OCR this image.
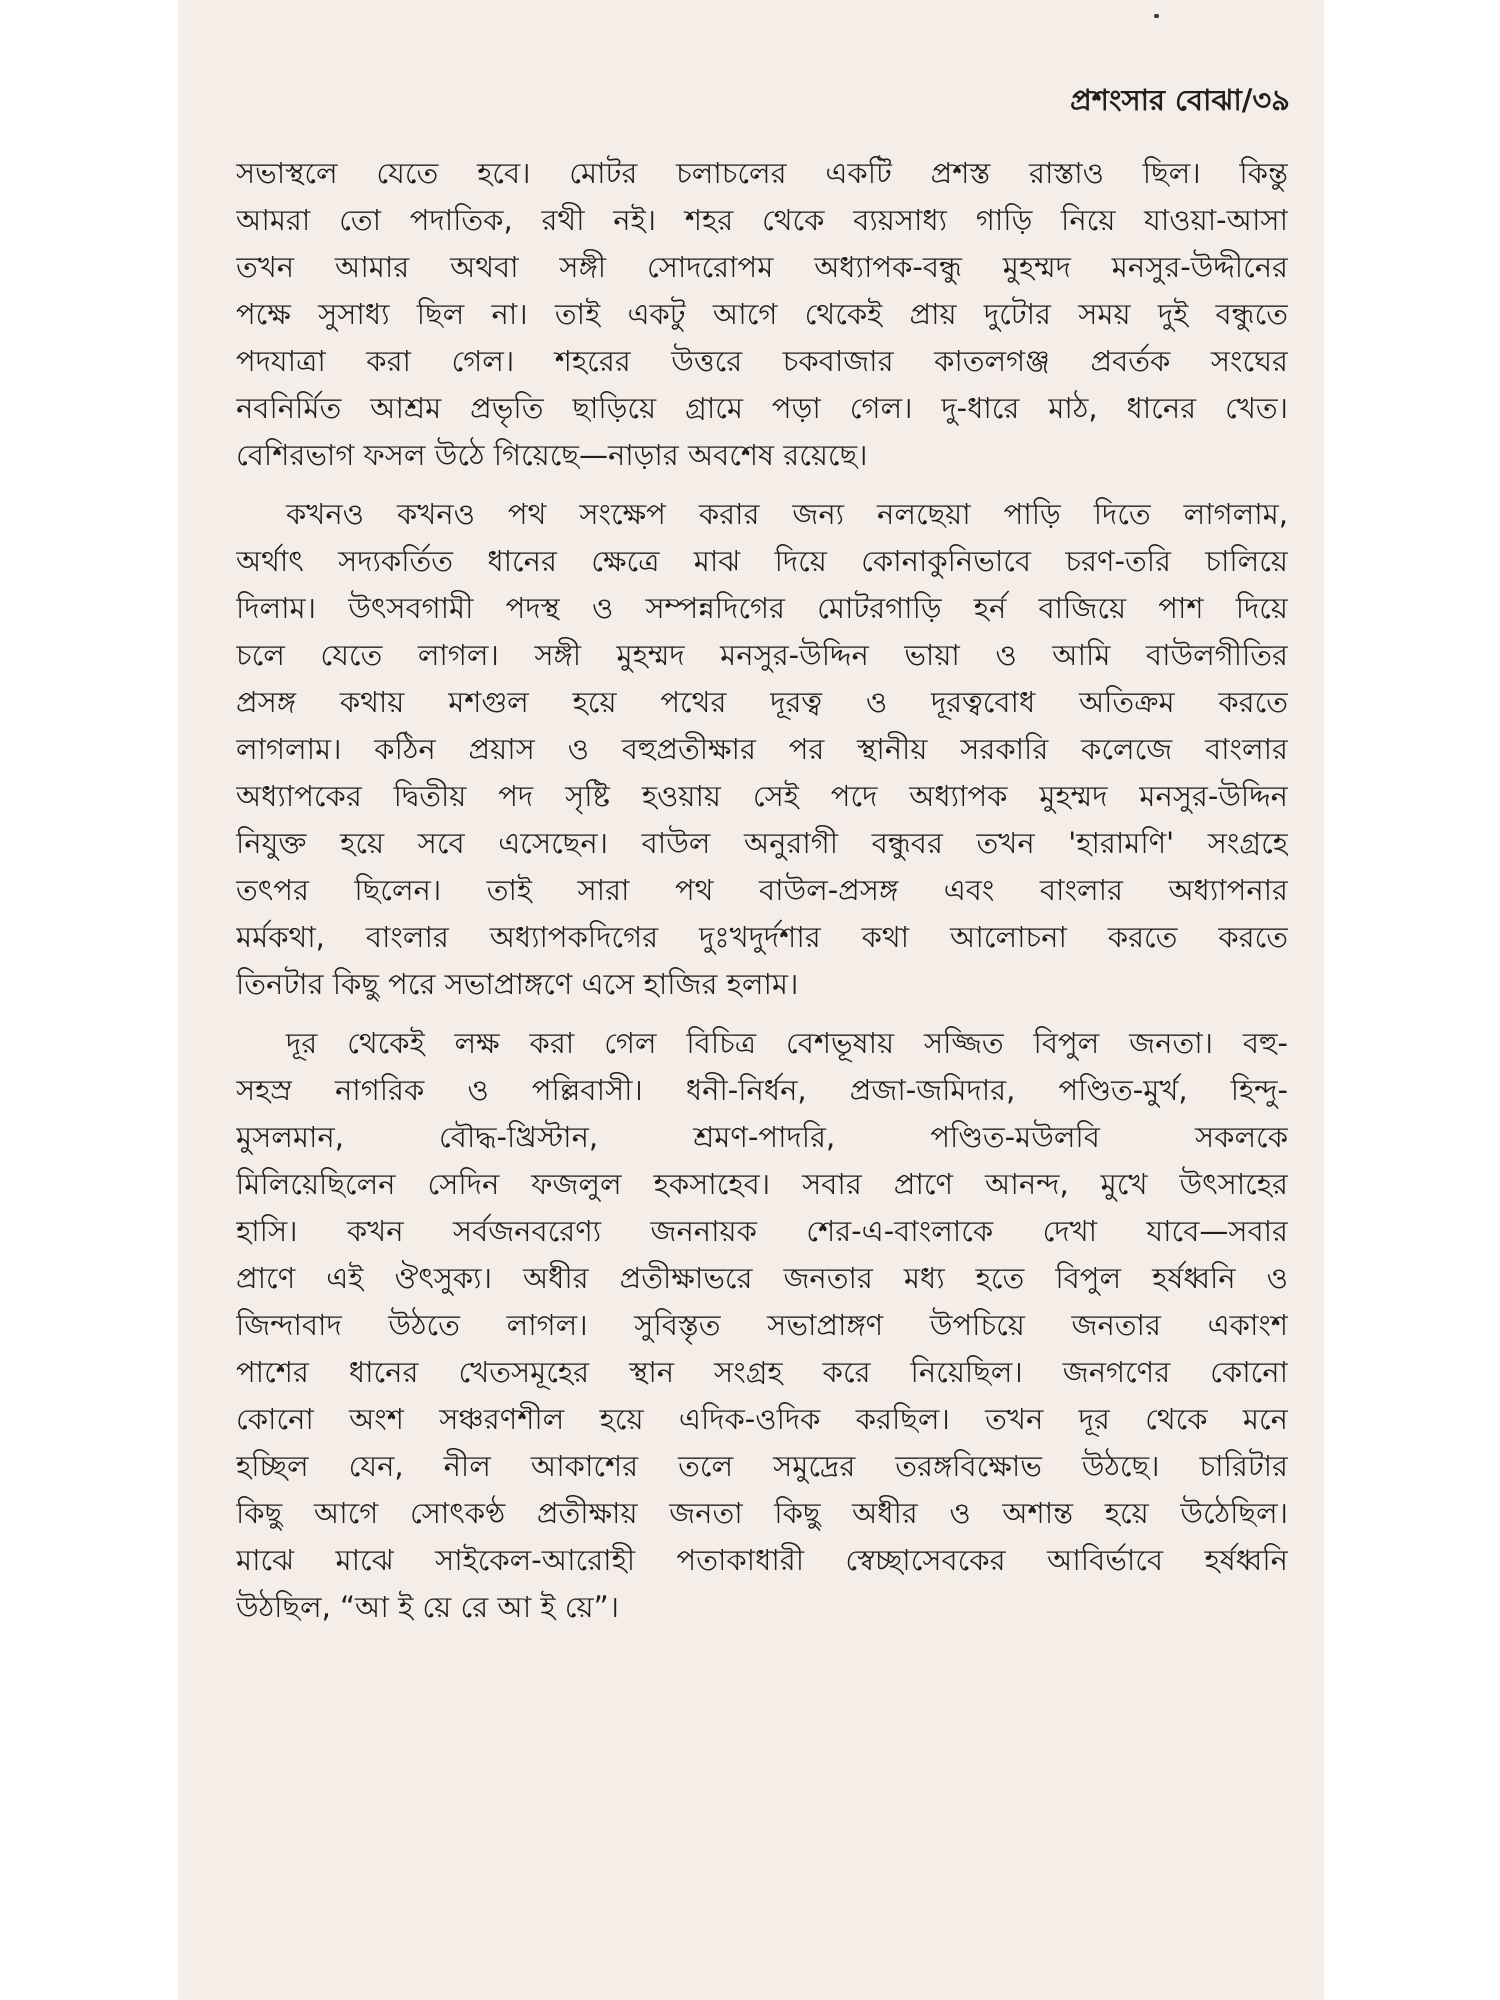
প্রশংসার বোঝা/৩৯
সভাস্থলে যেতে হবে। মোটর চলাচলের একটি প্রশস্ত রাস্তাও ছিল। কিন্তু
আমরা তো পদাতিক, রথী নই। শহর থেকে ব্যয়সাধ্য গাড়ি নিয়ে যাওয়া-আসা
তখন আমার অথবা সঙ্গী সোদরোপম অধ্যাপক-বন্ধু মুহম্মদ মনসুর-উদ্দীনের
পক্ষে সুসাধ্য ছিল না। তাই একটু আগে থেকেই প্রায় দুটোর সময় দুই বন্ধুতে
পদযাত্রা করা গেল। শহরের উত্তরে চকবাজার কাতলগঞ্জ প্রবর্তক সংঘের
নবনির্মিত আশ্রম প্রভৃতি ছাড়িয়ে গ্রামে পড়া গেল। দু-ধারে মাঠ, ধানের খেত।
বেশিরভাগ ফসল উঠে গিয়েছে—নাড়ার অবশেষ রয়েছে।
কখনও কখনও পথ সংক্ষেপ করার জন্য নলছেয়া পাড়ি দিতে লাগলাম,
অর্থাৎ সদ্যকর্তিত ধানের ক্ষেত্রে মাঝ দিয়ে কোনাকুনিভাবে চরণ-তরি চালিয়ে
দিলাম। উৎসবগামী পদস্থ ও সম্পন্নদিগের মোটরগাড়ি হর্ন বাজিয়ে পাশ দিয়ে
চলে যেতে লাগল। সঙ্গী মুহম্মদ মনসুর-উদ্দিন ভায়া ও আমি বাউলগীতির
প্রসঙ্গ কথায় মশগুল হয়ে পথের দূরত্ব ও দূরত্ববোধ অতিক্রম করতে
লাগলাম। কঠিন প্রয়াস ও বহুপ্রতীক্ষার পর স্থানীয় সরকারি কলেজে বাংলার
অধ্যাপকের দ্বিতীয় পদ সৃষ্টি হওয়ায় সেই পদে অধ্যাপক মুহম্মদ মনসুর-উদ্দিন
নিযুক্ত হয়ে সবে এসেছেন। বাউল অনুরাগী বন্ধুবর তখন 'হারামণি' সংগ্রহে
তৎপর ছিলেন। তাই সারা পথ বাউল-প্রসঙ্গ এবং বাংলার অধ্যাপনার
মর্মকথা, বাংলার অধ্যাপকদিগের দুঃখদুর্দশার কথা আলোচনা করতে করতে
তিনটার কিছু পরে সভাপ্রাঙ্গণে এসে হাজির হলাম।
দূর থেকেই লক্ষ করা গেল বিচিত্র বেশভূষায় সজ্জিত বিপুল জনতা। বহু-
সহস্র নাগরিক ও পল্লিবাসী। ধনী-নির্ধন, প্রজা-জমিদার, পণ্ডিত-মুর্খ, হিন্দু-
মুসলমান, বৌদ্ধ-খ্রিস্টান, শ্রমণ-পাদরি, পণ্ডিত-মউলবি সকলকে
মিলিয়েছিলেন সেদিন ফজলুল হকসাহেব। সবার প্রাণে আনন্দ, মুখে উৎসাহের
হাসি। কখন সর্বজনবরেণ্য জননায়ক শের-এ-বাংলাকে দেখা যাবে—সবার
প্রাণে এই ঔৎসুক্য। অধীর প্রতীক্ষাভরে জনতার মধ্য হতে বিপুল হর্ষধ্বনি ও
জিন্দাবাদ উঠতে লাগল। সুবিস্তৃত সভাপ্রাঙ্গণ উপচিয়ে জনতার একাংশ
পাশের ধানের খেতসমূহের স্থান সংগ্রহ করে নিয়েছিল। জনগণের কোনো
কোনো অংশ সঞ্চরণশীল হয়ে এদিক-ওদিক করছিল। তখন দূর থেকে মনে
হচ্ছিল যেন, নীল আকাশের তলে সমুদ্রের তরঙ্গবিক্ষোভ উঠছে। চারিটার
কিছু আগে সোৎকণ্ঠ প্রতীক্ষায় জনতা কিছু অধীর ও অশান্ত হয়ে উঠেছিল।
মাঝে মাঝে সাইকেল-আরোহী পতাকাধারী স্বেচ্ছাসেবকের আবির্ভাবে হর্ষধ্বনি
উঠছিল, “আ ই য়ে রে আ ই য়ে”।
